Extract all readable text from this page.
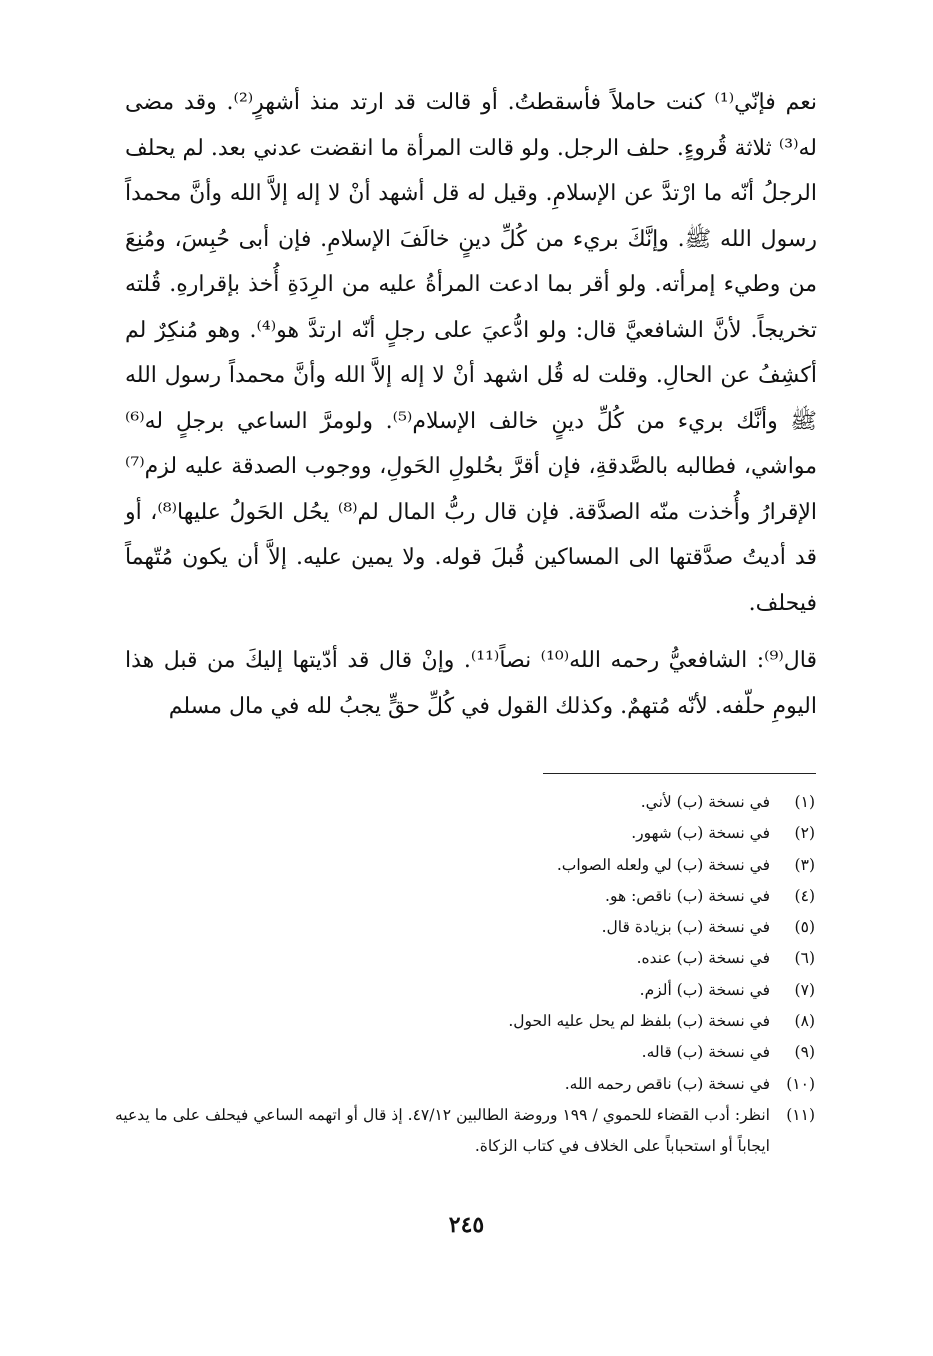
نعم فإنّي⁽¹⁾ كنت حاملاً فأسقطتُ. أو قالت قد ارتد منذ أشهرٍ⁽²⁾. وقد مضى له⁽³⁾ ثلاثة قُروءٍ. حلف الرجل. ولو قالت المرأة ما انقضت عدني بعد. لم يحلف الرجلُ أنّه ما ارْتدَّ عن الإسلامِ. وقيل له قل أشهد أنْ لا إله إلاَّ الله وأنَّ محمداً رسول الله ﷺ. وإنَّكَ بريء من كُلِّ دينٍ خالَفَ الإسلامِ. فإن أبى حُبِسَ، ومُنِعَ من وطيء إمرأته. ولو أقر بما ادعت المرأةُ عليه من الرِدَةِ أُخذ بإقرارهِ. قُلته تخريجاً. لأنَّ الشافعيَّ قال: ولو ادُّعيَ على رجلٍ أنّه ارتدَّ هو⁽⁴⁾. وهو مُنكِرٌ لم أكشِفُ عن الحالِ. وقلت له قُل اشهد أنْ لا إله إلاَّ الله وأنَّ محمداً رسول الله ﷺ وأنَّك بريء من كُلِّ دينٍ خالف الإسلام⁽⁵⁾. ولومرَّ الساعي برجلٍ له⁽⁶⁾ مواشي، فطالبه بالصَّدقةِ، فإن أقرَّ بحُلولِ الحَولِ، ووجوب الصدقة عليه لزم⁽⁷⁾ الإقرارُ وأُخذت منّه الصدَّقة. فإن قال ربُّ المال لم⁽⁸⁾ يحُل الحَولُ عليها⁽⁸⁾، أو قد أديتُ صدَّقتها الى المساكين قُبلَ قوله. ولا يمين عليه. إلاَّ أن يكون مُتّهماً فيحلف.

قال⁽⁹⁾: الشافعيُّ رحمه الله⁽¹⁰⁾ نصاً⁽¹¹⁾. وإنْ قال قد أدّيتها إليكَ من قبل هذا اليومِ حلّفه. لأنّه مُتهمٌ. وكذلك القول في كُلِّ حقٍّ يجبُ لله في مال مسلم

(١)
في نسخة (ب) لأني.
(٢)
في نسخة (ب) شهور.
(٣)
في نسخة (ب) لي ولعله الصواب.
(٤)
في نسخة (ب) ناقص: هو.
(٥)
في نسخة (ب) بزيادة قال.
(٦)
في نسخة (ب) عنده.
(٧)
في نسخة (ب) ألزم.
(٨)
في نسخة (ب) بلفظ لم يحل عليه الحول.
(٩)
في نسخة (ب) قاله.
(١٠)
في نسخة (ب) ناقص رحمه الله.
(١١)
انظر: أدب القضاء للحموي / ١٩٩ وروضة الطالبين ٤٧/١٢. إذ قال أو اتهمه الساعي فيحلف على ما يدعيه ايجاباً أو استحباباً على الخلاف في كتاب الزكاة.
٢٤٥
